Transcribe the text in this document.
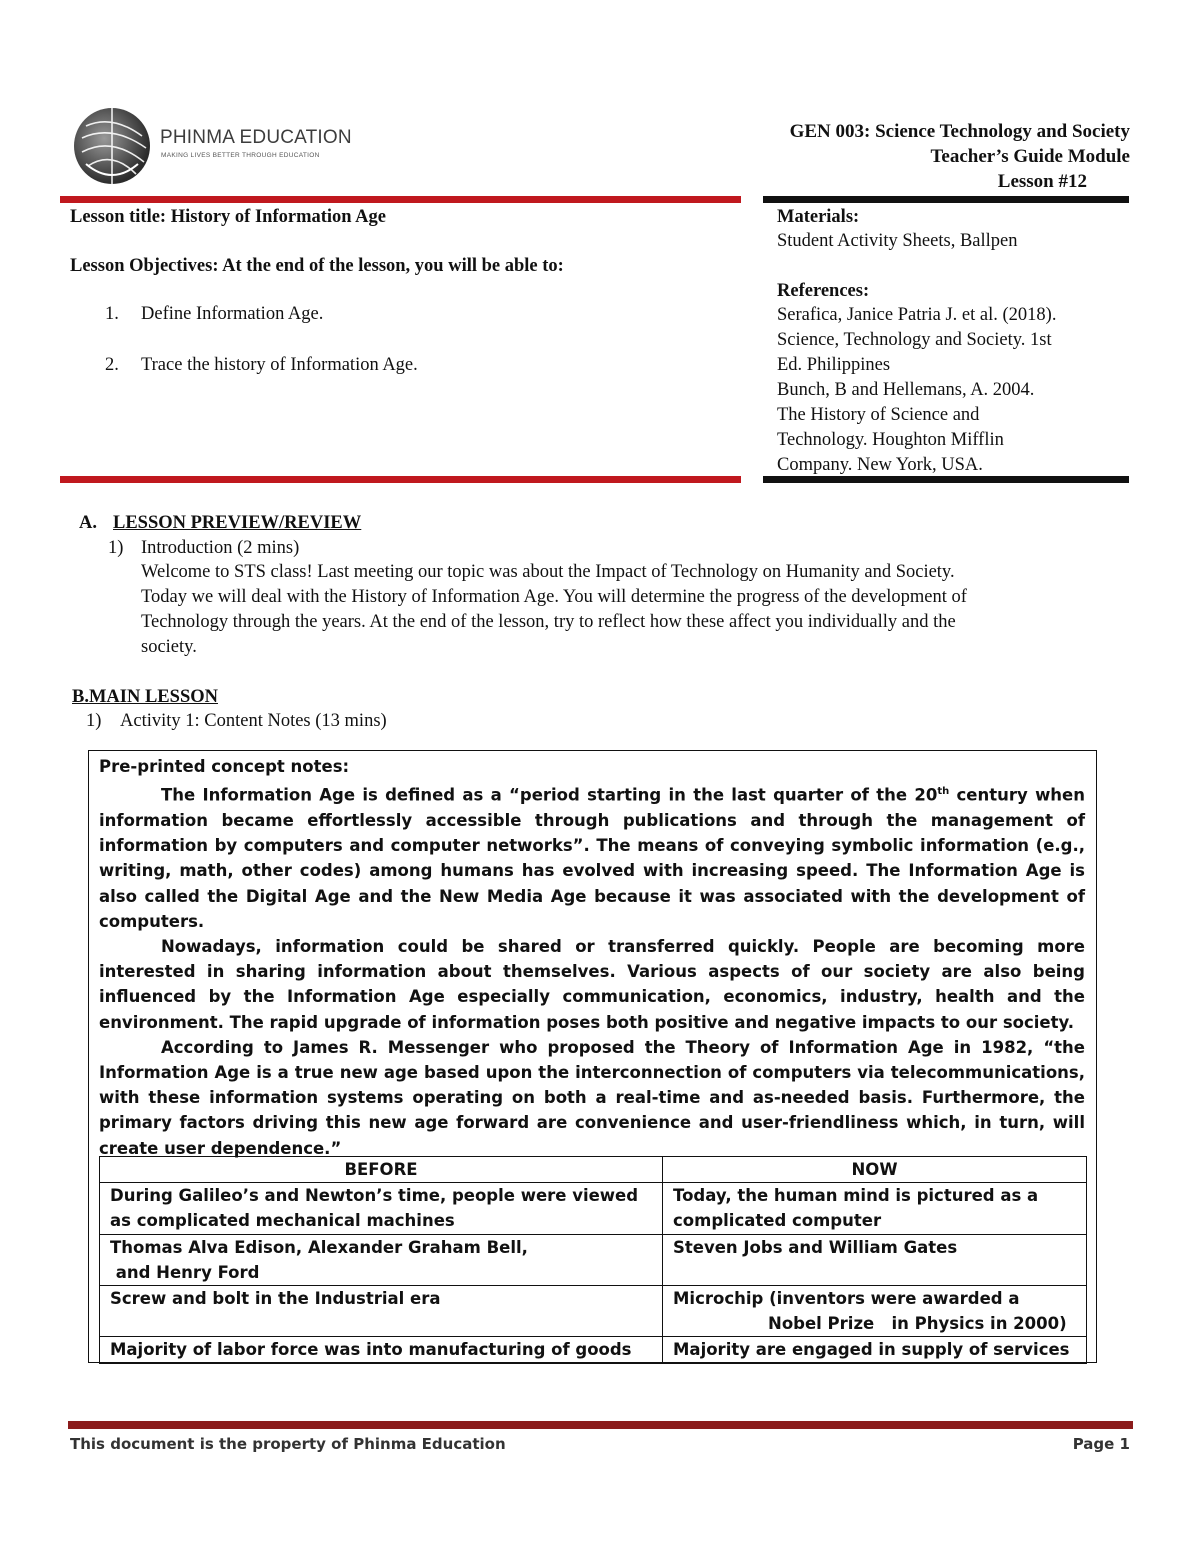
PHINMA EDUCATION
MAKING LIVES BETTER THROUGH EDUCATION
GEN 003: Science Technology and Society
Teacher’s Guide Module
Lesson #12
Lesson title: History of Information Age
Lesson Objectives: At the end of the lesson, you will be able to:
1. Define Information Age.
2. Trace the history of Information Age.
Materials:
Student Activity Sheets, Ballpen
References:
Serafica, Janice Patria J. et al. (2018).
Science, Technology and Society. 1st
Ed. Philippines
Bunch, B and Hellemans, A. 2004.
The History of Science and
Technology. Houghton Mifflin
Company. New York, USA.
A. LESSON PREVIEW/REVIEW
1) Introduction (2 mins)
Welcome to STS class! Last meeting our topic was about the Impact of Technology on Humanity and Society.
Today we will deal with the History of Information Age. You will determine the progress of the development of
Technology through the years. At the end of the lesson, try to reflect how these affect you individually and the
society.
B.MAIN LESSON
1) Activity 1: Content Notes (13 mins)

Pre-printed concept notes:

The Information Age is defined as a “period starting in the last quarter of the 20th century when information became effortlessly accessible through publications and through the management of information by computers and computer networks”. The means of conveying symbolic information (e.g., writing, math, other codes) among humans has evolved with increasing speed. The Information Age is also called the Digital Age and the New Media Age because it was associated with the development of computers.

Nowadays, information could be shared or transferred quickly. People are becoming more interested in sharing information about themselves. Various aspects of our society are also being influenced by the Information Age especially communication, economics, industry, health and the environment. The rapid upgrade of information poses both positive and negative impacts to our society.

According to James R. Messenger who proposed the Theory of Information Age in 1982, “the Information Age is a true new age based upon the interconnection of computers via telecommunications, with these information systems operating on both a real-time and as-needed basis. Furthermore, the primary factors driving this new age forward are convenience and user-friendliness which, in turn, will create user dependence.”

BEFORE	NOW
During Galileo’s and Newton’s time, people were viewed as complicated mechanical machines	Today, the human mind is pictured as a complicated computer

Thomas Alva Edison, Alexander Graham Bell,
and Henry Ford	Steven Jobs and William Gates
Screw and bolt in the Industrial era	Microchip (inventors were awarded a
Nobel Prize   in Physics in 2000)

Majority of labor force was into manufacturing of goods	Majority are engaged in supply of services
This document is the property of Phinma Education	Page 1
